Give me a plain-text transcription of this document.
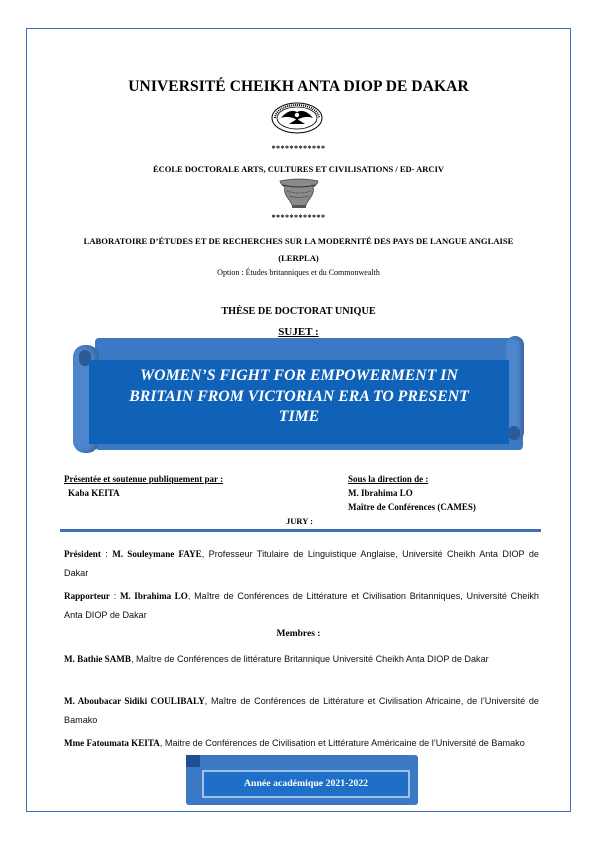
UNIVERSITÉ CHEIKH ANTA DIOP DE DAKAR
************
ÉCOLE DOCTORALE ARTS, CULTURES ET CIVILISATIONS / ED- ARCIV
************
LABORATOIRE D’ÉTUDES ET DE RECHERCHES SUR LA MODERNITÉ DES PAYS DE LANGUE ANGLAISE (LERPLA)
Option : Études britanniques et du Commonwealth
THÈSE DE DOCTORAT UNIQUE
SUJET :
WOMEN’S FIGHT FOR EMPOWERMENT IN
BRITAIN FROM VICTORIAN ERA TO PRESENT
TIME
Présentée et soutenue publiquement par :
Kaba KEITA
Sous la direction de :
M. Ibrahima LO
Maître de Conférences (CAMES)
JURY :
Président : M. Souleymane FAYE, Professeur Titulaire de Linguistique Anglaise, Université Cheikh Anta DIOP de Dakar
Rapporteur : M. Ibrahima LO, Maître de Conférences de Littérature et Civilisation Britanniques, Université Cheikh Anta DIOP de Dakar
Membres :
M. Bathie SAMB, Maître de Conférences de littérature Britannique Université Cheikh Anta DIOP de Dakar
M. Aboubacar Sidiki COULIBALY, Maître de Conférences de Littérature et Civilisation Africaine, de l’Université de Bamako
Mme Fatoumata KEITA, Maitre de Conférences de Civilisation et Littérature Américaine de l’Université de Bamako
Année académique 2021-2022
